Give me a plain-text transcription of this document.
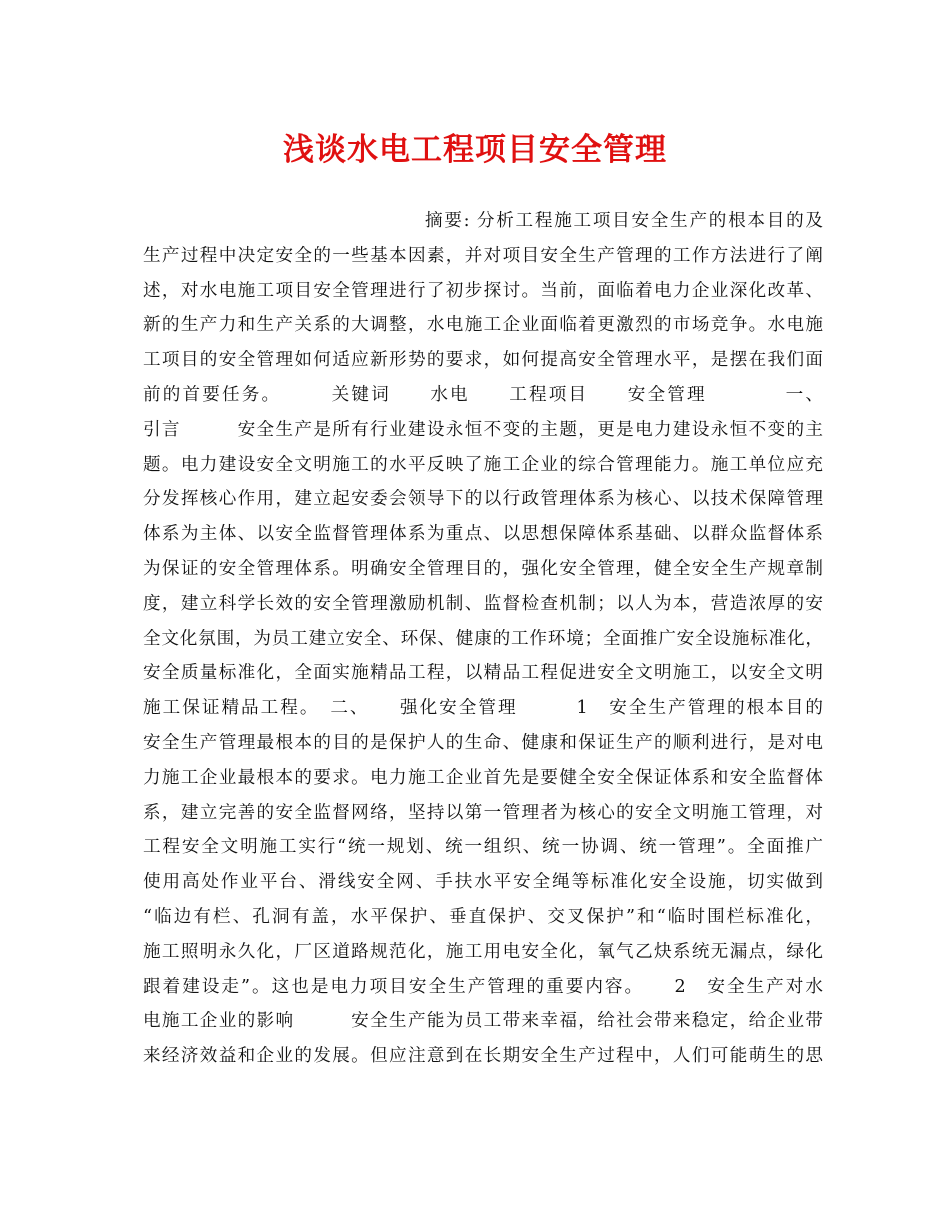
浅谈水电工程项目安全管理
摘要: 分析工程施工项目安全生产的根本目的及
生产过程中决定安全的一些基本因素，并对项目安全生产管理的工作方法进行了阐
述，对水电施工项目安全管理进行了初步探讨。当前，面临着电力企业深化改革、
新的生产力和生产关系的大调整，水电施工企业面临着更激烈的市场竞争。水电施
工项目的安全管理如何适应新形势的要求，如何提高安全管理水平，是摆在我们面
前的首要任务。　　　关键词　　水电　　工程项目　　安全管理　　　　一、
引言　　　安全生产是所有行业建设永恒不变的主题，更是电力建设永恒不变的主
题。电力建设安全文明施工的水平反映了施工企业的综合管理能力。施工单位应充
分发挥核心作用，建立起安委会领导下的以行政管理体系为核心、以技术保障管理
体系为主体、以安全监督管理体系为重点、以思想保障体系基础、以群众监督体系
为保证的安全管理体系。明确安全管理目的，强化安全管理，健全安全生产规章制
度，建立科学长效的安全管理激励机制、监督检查机制；以人为本，营造浓厚的安
全文化氛围，为员工建立安全、环保、健康的工作环境；全面推广安全设施标准化，
安全质量标准化，全面实施精品工程，以精品工程促进安全文明施工，以安全文明
施工保证精品工程。　二、　　强化安全管理　　　1　安全生产管理的根本目的
安全生产管理最根本的目的是保护人的生命、健康和保证生产的顺利进行，是对电
力施工企业最根本的要求。电力施工企业首先是要健全安全保证体系和安全监督体
系，建立完善的安全监督网络，坚持以第一管理者为核心的安全文明施工管理，对
工程安全文明施工实行“统一规划、统一组织、统一协调、统一管理”。全面推广
使用高处作业平台、滑线安全网、手扶水平安全绳等标准化安全设施，切实做到
“临边有栏、孔洞有盖，水平保护、垂直保护、交叉保护”和“临时围栏标准化，
施工照明永久化，厂区道路规范化，施工用电安全化，氧气乙炔系统无漏点，绿化
跟着建设走”。这也是电力项目安全生产管理的重要内容。　　2　安全生产对水
电施工企业的影响　　　安全生产能为员工带来幸福，给社会带来稳定，给企业带
来经济效益和企业的发展。但应注意到在长期安全生产过程中，人们可能萌生的思
